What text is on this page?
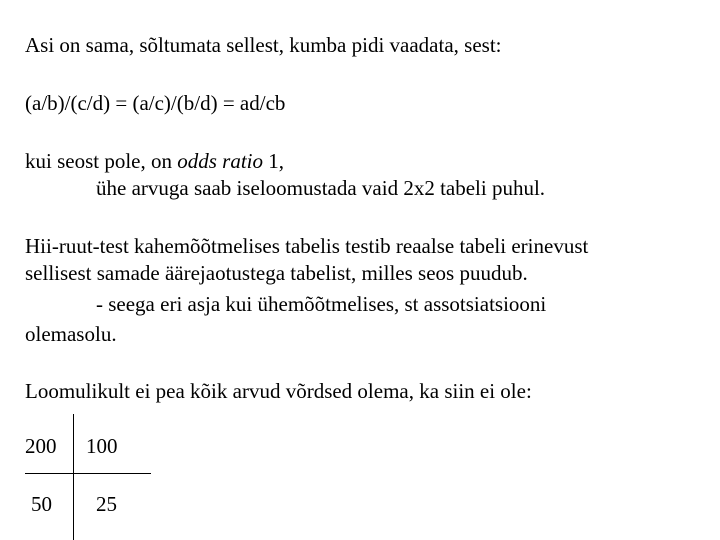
Asi on sama, sõltumata sellest, kumba pidi vaadata, sest:
(a/b)/(c/d) = (a/c)/(b/d) = ad/cb
kui seost pole, on odds ratio 1,
ühe arvuga saab iseloomustada vaid 2x2 tabeli puhul.
Hii-ruut-test kahemõõtmelises tabelis testib reaalse tabeli erinevust
sellisest samade äärejaotustega tabelist, milles seos puudub.
- seega eri asja kui ühemõõtmelises, st assotsiatsiooni
olemasolu.
Loomulikult ei pea kõik arvud võrdsed olema, ka siin ei ole:
200 100
50 25
